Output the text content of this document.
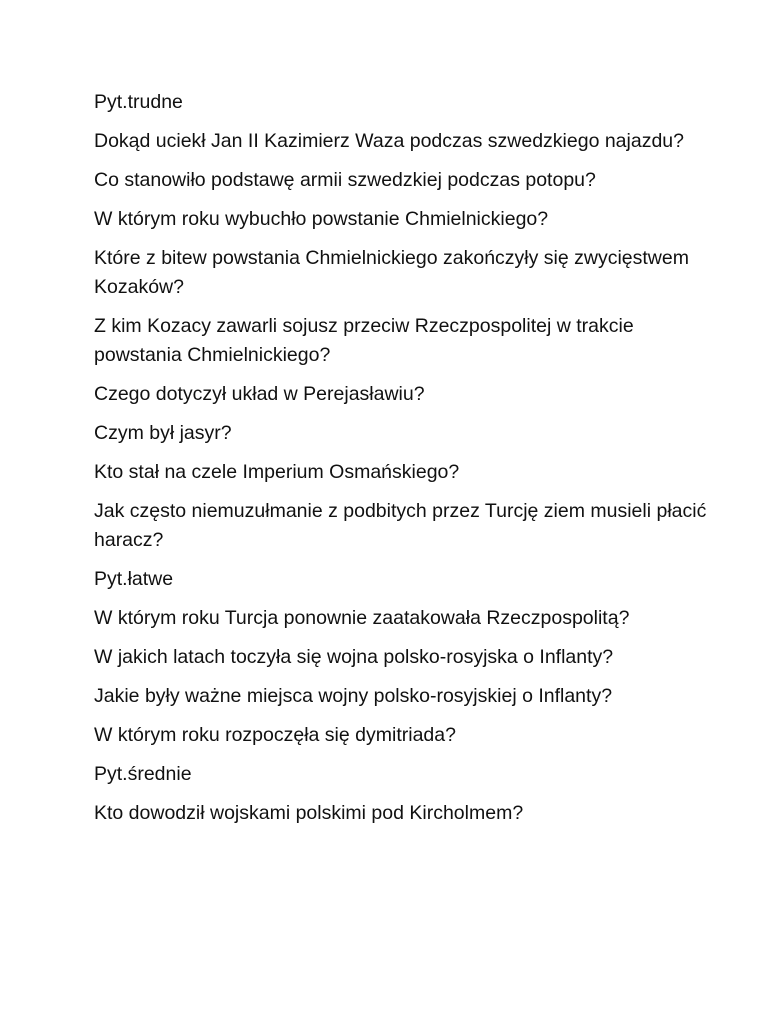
Pyt.trudne

Dokąd uciekł Jan II Kazimierz Waza podczas szwedzkiego najazdu?

Co stanowiło podstawę armii szwedzkiej podczas potopu?

W którym roku wybuchło powstanie Chmielnickiego?

Które z bitew powstania Chmielnickiego zakończyły się zwycięstwem Kozaków?

Z kim Kozacy zawarli sojusz przeciw Rzeczpospolitej w trakcie powstania Chmielnickiego?

Czego dotyczył układ w Perejasławiu?

Czym był jasyr?

Kto stał na czele Imperium Osmańskiego?

Jak często niemuzułmanie z podbitych przez Turcję ziem musieli płacić haracz?

Pyt.łatwe

W którym roku Turcja ponownie zaatakowała Rzeczpospolitą?

W jakich latach toczyła się wojna polsko-rosyjska o Inflanty?

Jakie były ważne miejsca wojny polsko-rosyjskiej o Inflanty?

W którym roku rozpoczęła się dymitriada?

Pyt.średnie

Kto dowodził wojskami polskimi pod Kircholmem?
